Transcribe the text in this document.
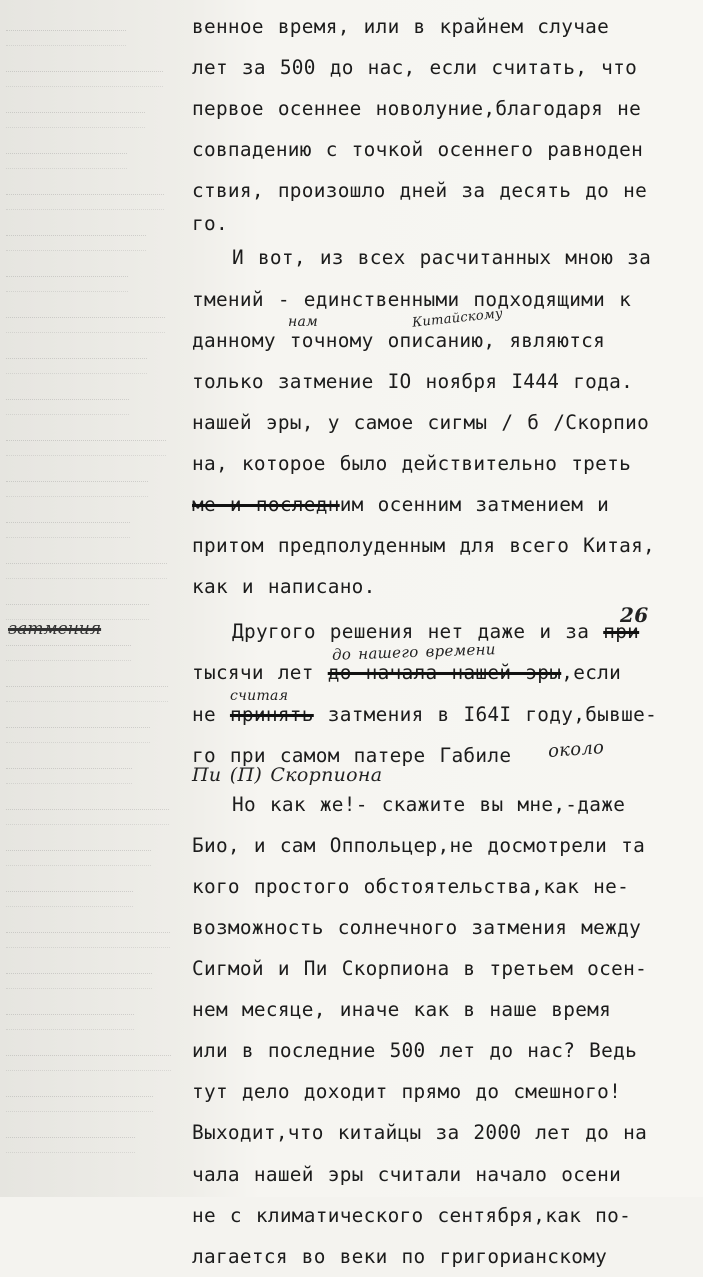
затмения
венное время, или в крайнем случае
лет за 500 до нас, если считать, что
первое осеннее новолуние,благодаря не
совпадению с точкой осеннего равноден
ствия, произошло дней за десять до не
го.
И вот, из всех расчитанных мною за
тмений - единственными подходящими к
данному точному описанию, являются
нам	Китайскому
только затмение IO ноября I444 года.
нашей эры, у самое сигмы / б /Скорпио
на, которое было действительно треть
ме и последним осенним затмением и
притом предполуденным для всего Китая,
как и написано.
Другого решения нет даже и за при
26
тысячи лет до начала нашей эры,если
до нашего времени
не принять затмения в I64I году,бывше-
считая
го при самом патере Габиле около
Пи (П) Скорпиона
Но как же!- скажите вы мне,-даже
Био, и сам Оппольцер,не досмотрели та
кого простого обстоятельства,как не-
возможность солнечного затмения между
Сигмой и Пи Скорпиона в третьем осен-
нем месяце, иначе как в наше время
или в последние 500 лет до нас? Ведь
тут дело доходит прямо до смешного!
Выходит,что китайцы за 2000 лет до на
чала нашей эры считали начало осени
не с климатического сентября,как по-
лагается во веки по григорианскому
